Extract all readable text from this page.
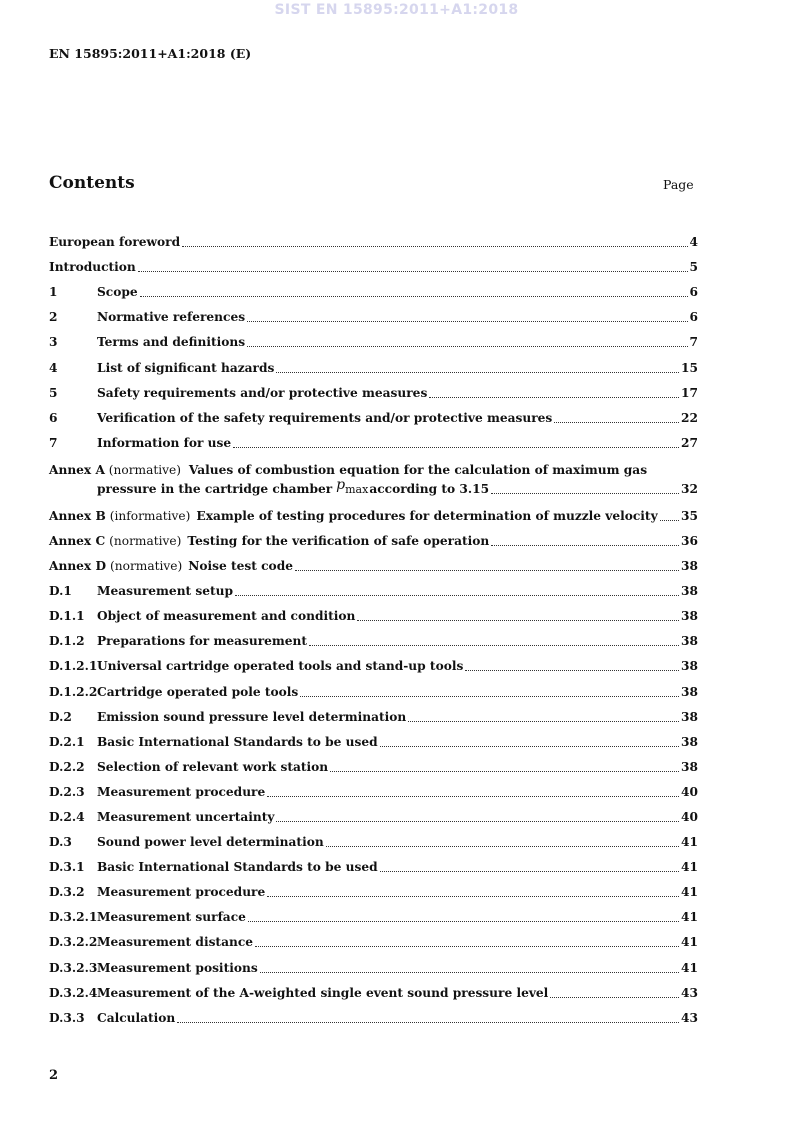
SIST EN 15895:2011+A1:2018
EN 15895:2011+A1:2018 (E)
Contents	Page
European foreword	4
Introduction	5
1	Scope	6
2	Normative references	6
3	Terms and definitions	7
4	List of significant hazards	15
5	Safety requirements and/or protective measures	17
6	Verification of the safety requirements and/or protective measures	22
7	Information for use	27
Annex A (normative) Values of combustion equation for the calculation of maximum gas
pressure in the cartridge chamber $p_{max}$ according to 3.15	32
Annex B (informative) Example of testing procedures for determination of muzzle velocity 35
Annex C (normative) Testing for the verification of safe operation	36
Annex D (normative) Noise test code	38
D.1	Measurement setup	38
D.1.1	Object of measurement and condition	38
D.1.2	Preparations for measurement	38
D.1.2.1 Universal cartridge operated tools and stand-up tools	38
D.1.2.2 Cartridge operated pole tools	38
D.2	Emission sound pressure level determination	38
D.2.1	Basic International Standards to be used	38
D.2.2	Selection of relevant work station	38
D.2.3	Measurement procedure	40
D.2.4	Measurement uncertainty	40
D.3	Sound power level determination	41
D.3.1	Basic International Standards to be used	41
D.3.2	Measurement procedure	41
D.3.2.1 Measurement surface	41
D.3.2.2 Measurement distance	41
D.3.2.3 Measurement positions	41
D.3.2.4 Measurement of the A-weighted single event sound pressure level	43
D.3.3	Calculation	43
2
